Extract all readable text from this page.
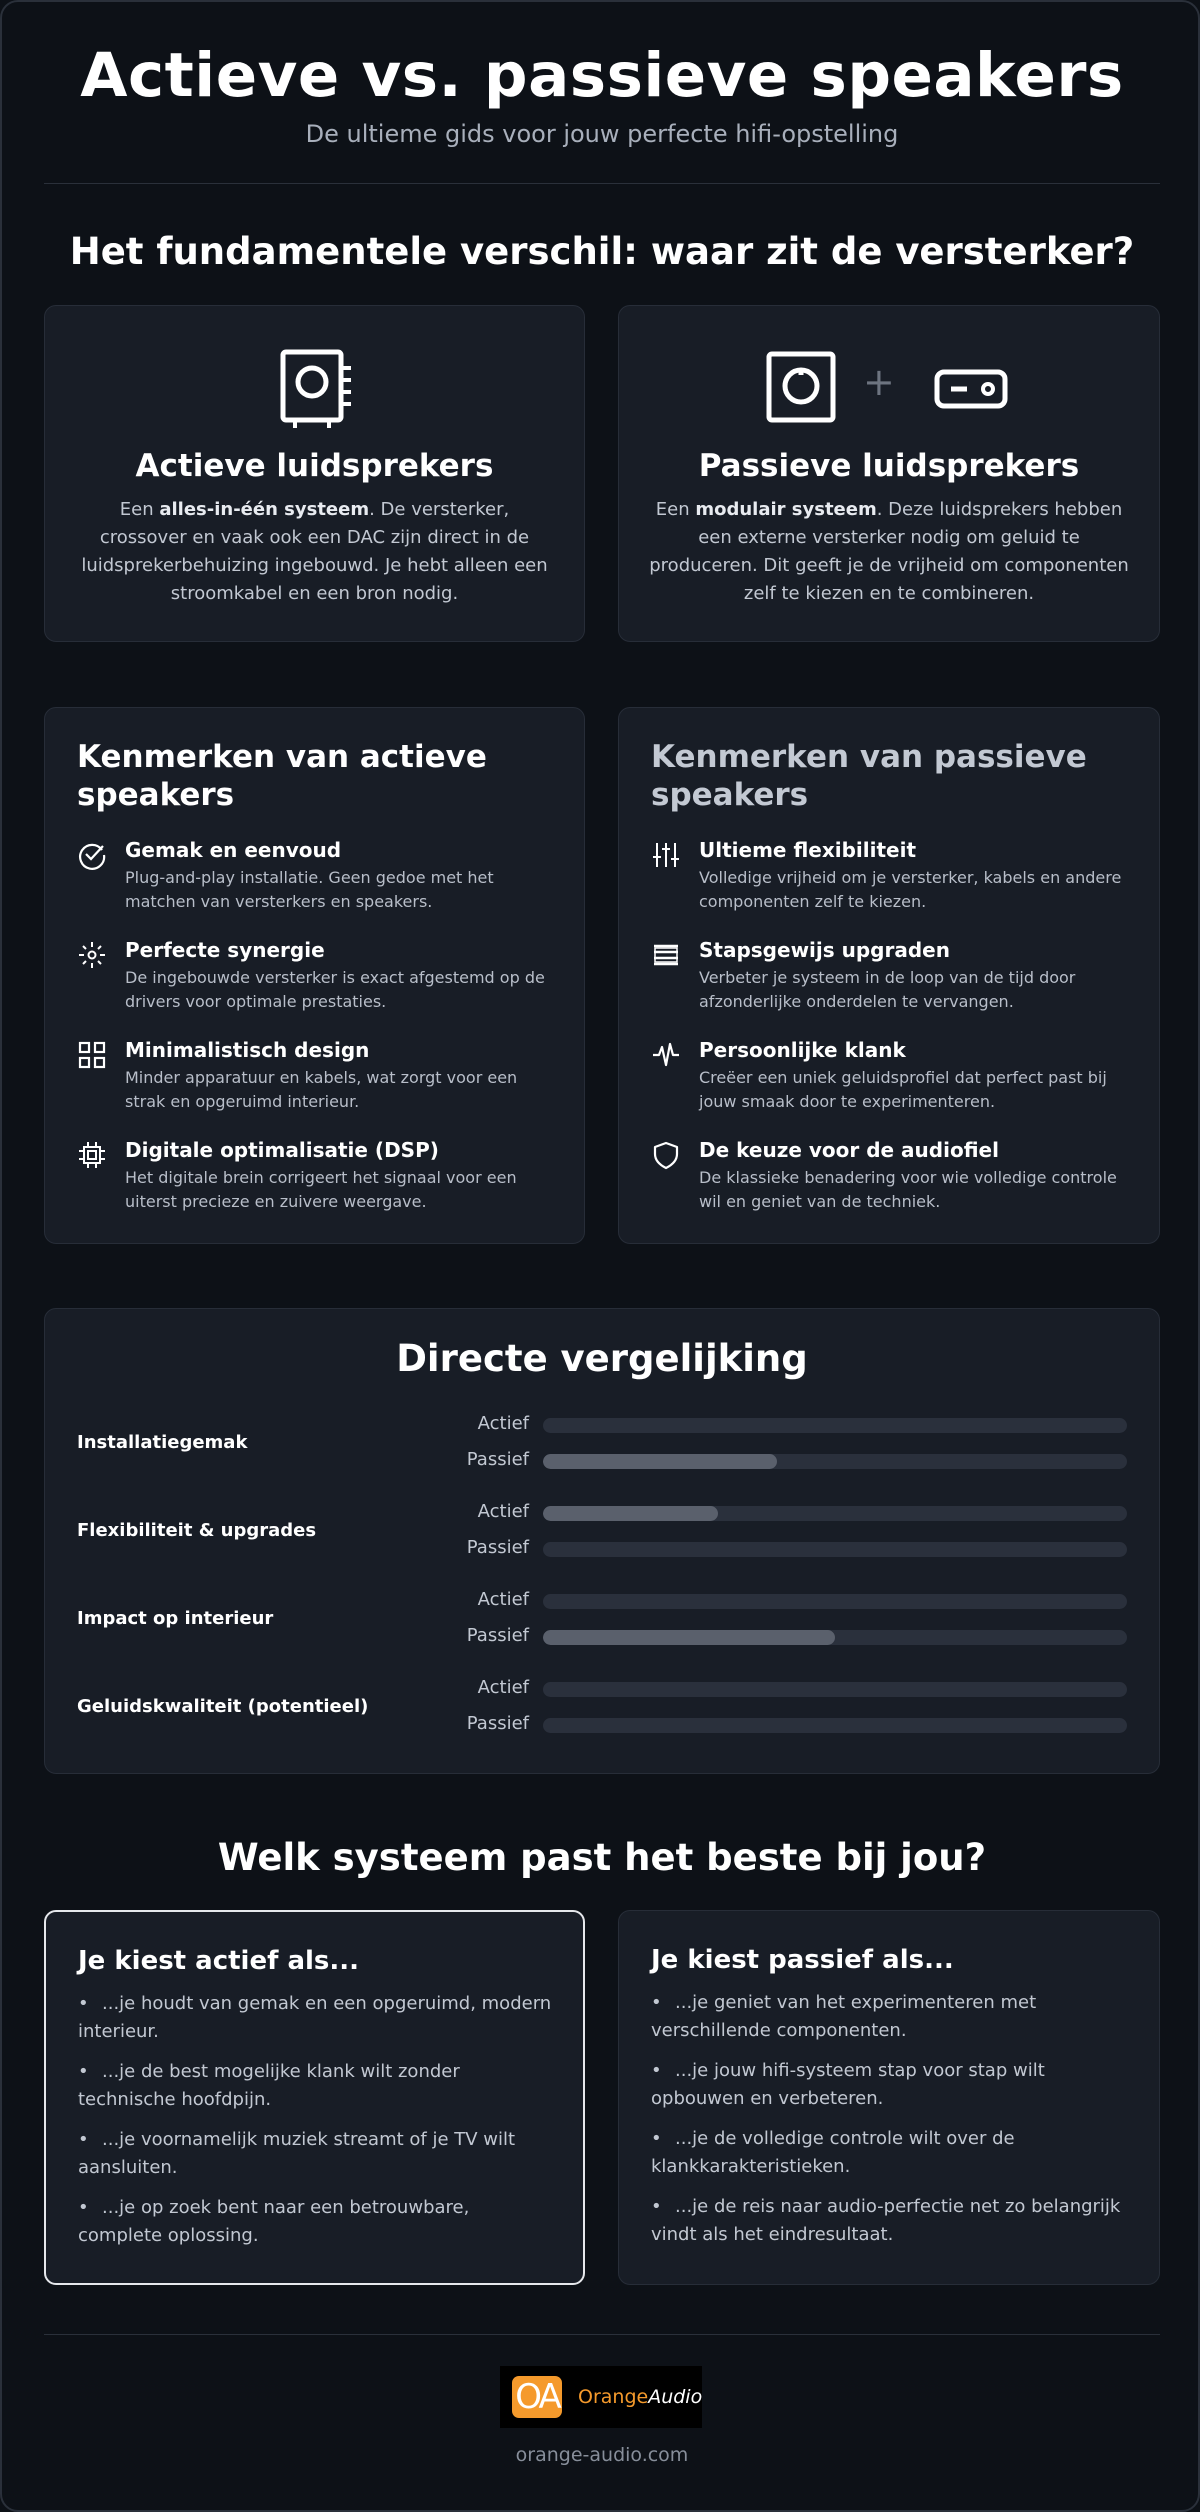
Actieve vs. passieve speakers
De ultieme gids voor jouw perfecte hifi-opstelling
Het fundamentele verschil: waar zit de versterker?
Actieve luidsprekers

Een alles-in-één systeem. De versterker, crossover en vaak ook een DAC zijn direct in de luidsprekerbehuizing ingebouwd. Je hebt alleen een stroomkabel en een bron nodig.

+
Passieve luidsprekers

Een modulair systeem. Deze luidsprekers hebben een externe versterker nodig om geluid te produceren. Dit geeft je de vrijheid om componenten zelf te kiezen en te combineren.

Kenmerken van actieve speakers
Gemak en eenvoud
Plug-and-play installatie. Geen gedoe met het matchen van versterkers en speakers.
Perfecte synergie
De ingebouwde versterker is exact afgestemd op de drivers voor optimale prestaties.
Minimalistisch design
Minder apparatuur en kabels, wat zorgt voor een strak en opgeruimd interieur.
Digitale optimalisatie (DSP)
Het digitale brein corrigeert het signaal voor een uiterst precieze en zuivere weergave.
Kenmerken van passieve speakers
Ultieme flexibiliteit
Volledige vrijheid om je versterker, kabels en andere componenten zelf te kiezen.
Stapsgewijs upgraden
Verbeter je systeem in de loop van de tijd door afzonderlijke onderdelen te vervangen.
Persoonlijke klank
Creëer een uniek geluidsprofiel dat perfect past bij jouw smaak door te experimenteren.
De keuze voor de audiofiel
De klassieke benadering voor wie volledige controle wil en geniet van de techniek.
Directe vergelijking
Installatiegemak
Actief
Passief
Flexibiliteit & upgrades
Actief
Passief
Impact op interieur
Actief
Passief
Geluidskwaliteit (potentieel)
Actief
Passief
Welk systeem past het beste bij jou?
Je kiest actief als...
• ...je houdt van gemak en een opgeruimd, modern interieur.
• ...je de best mogelijke klank wilt zonder technische hoofdpijn.
• ...je voornamelijk muziek streamt of je TV wilt aansluiten.
• ...je op zoek bent naar een betrouwbare, complete oplossing.
Je kiest passief als...
• ...je geniet van het experimenteren met verschillende componenten.
• ...je jouw hifi-systeem stap voor stap wilt opbouwen en verbeteren.
• ...je de volledige controle wilt over de klankkarakteristieken.
• ...je de reis naar audio-perfectie net zo belangrijk vindt als het eindresultaat.
OA OrangeAudio
orange-audio.com
